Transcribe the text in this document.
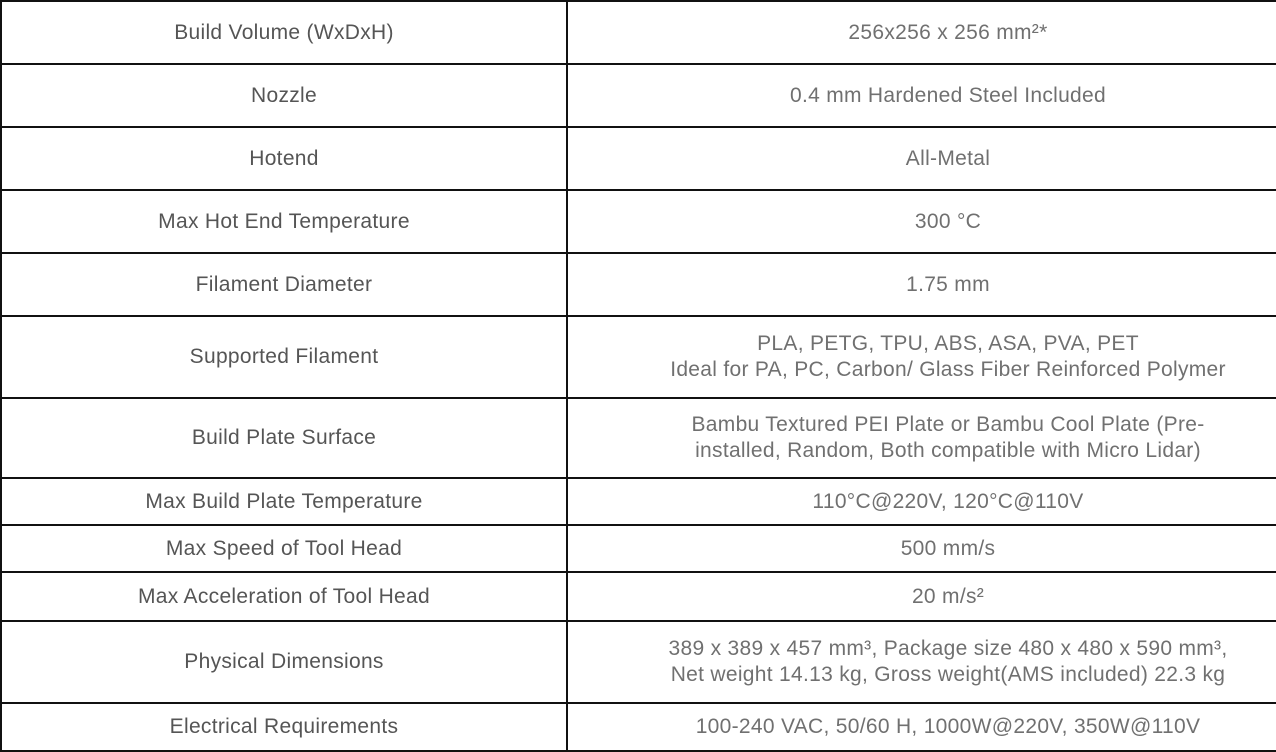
Build Volume (WxDxH)	256x256 x 256 mm²*

Nozzle	0.4 mm Hardened Steel Included

Hotend	All-Metal

Max Hot End Temperature	300 °C

Filament Diameter	1.75 mm

Supported Filament	PLA, PETG, TPU, ABS, ASA, PVA, PET
Ideal for PA, PC, Carbon/ Glass Fiber Reinforced Polymer

Build Plate Surface	Bambu Textured PEI Plate or Bambu Cool Plate (Pre-
installed, Random, Both compatible with Micro Lidar)

Max Build Plate Temperature	110°C@220V, 120°C@110V

Max Speed of Tool Head	500 mm/s

Max Acceleration of Tool Head	20 m/s²

Physical Dimensions	389 x 389 x 457 mm³, Package size 480 x 480 x 590 mm³,
Net weight 14.13 kg, Gross weight(AMS included) 22.3 kg

Electrical Requirements	100-240 VAC, 50/60 H, 1000W@220V, 350W@110V
